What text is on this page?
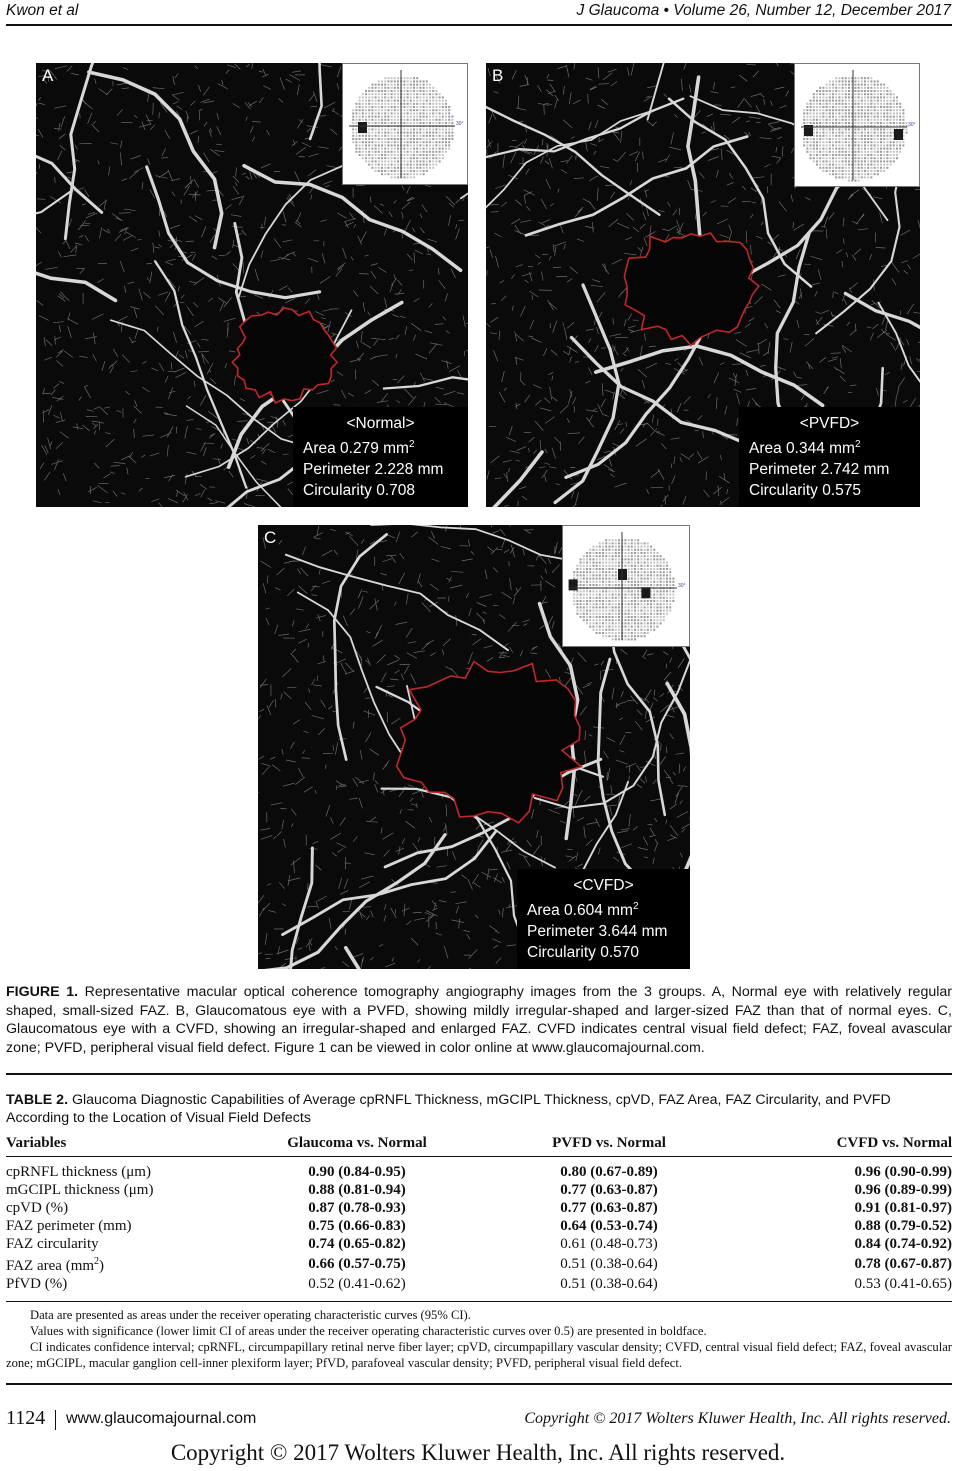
Kwon et al	J Glaucoma • Volume 26, Number 12, December 2017
A
30°
<Normal>
Area 0.279 $mm^2$
Perimeter 2.228 mm
Circularity 0.708
B
30°
<PVFD>
Area 0.344 $mm^2$
Perimeter 2.742 mm
Circularity 0.575
C
30°
<CVFD>
Area 0.604 $mm^2$
Perimeter 3.644 mm
Circularity 0.570
FIGURE 1. Representative macular optical coherence tomography angiography images from the 3 groups. A, Normal eye with relatively regular shaped, small-sized FAZ. B, Glaucomatous eye with a PVFD, showing mildly irregular-shaped and larger-sized FAZ than that of normal eyes. C, Glaucomatous eye with a CVFD, showing an irregular-shaped and enlarged FAZ. CVFD indicates central visual field defect; FAZ, foveal avascular zone; PVFD, peripheral visual field defect. Figure 1 can be viewed in color online at www.glaucomajournal.com.
TABLE 2. Glaucoma Diagnostic Capabilities of Average cpRNFL Thickness, mGCIPL Thickness, cpVD, FAZ Area, FAZ Circularity, and PVFD According to the Location of Visual Field Defects
Variables	Glaucoma vs. Normal	PVFD vs. Normal	CVFD vs. Normal
cpRNFL thickness (μm)	0.90 (0.84-0.95)	0.80 (0.67-0.89)	0.96 (0.90-0.99)
mGCIPL thickness (μm)	0.88 (0.81-0.94)	0.77 (0.63-0.87)	0.96 (0.89-0.99)
cpVD (%)	0.87 (0.78-0.93)	0.77 (0.63-0.87)	0.91 (0.81-0.97)
FAZ perimeter (mm)	0.75 (0.66-0.83)	0.64 (0.53-0.74)	0.88 (0.79-0.52)
FAZ circularity	0.74 (0.65-0.82)	0.61 (0.48-0.73)	0.84 (0.74-0.92)
FAZ area $(mm^2)$	0.66 (0.57-0.75)	0.51 (0.38-0.64)	0.78 (0.67-0.87)
PfVD (%)	0.52 (0.41-0.62)	0.51 (0.38-0.64)	0.53 (0.41-0.65)

Data are presented as areas under the receiver operating characteristic curves (95% CI).

Values with significance (lower limit CI of areas under the receiver operating characteristic curves over 0.5) are presented in boldface.

CI indicates confidence interval; cpRNFL, circumpapillary retinal nerve fiber layer; cpVD, circumpapillary vascular density; CVFD, central visual field defect; FAZ, foveal avascular zone; mGCIPL, macular ganglion cell-inner plexiform layer; PfVD, parafoveal vascular density; PVFD, peripheral visual field defect.

1124 www.glaucomajournal.com	Copyright © 2017 Wolters Kluwer Health, Inc. All rights reserved.
Copyright © 2017 Wolters Kluwer Health, Inc. All rights reserved.
